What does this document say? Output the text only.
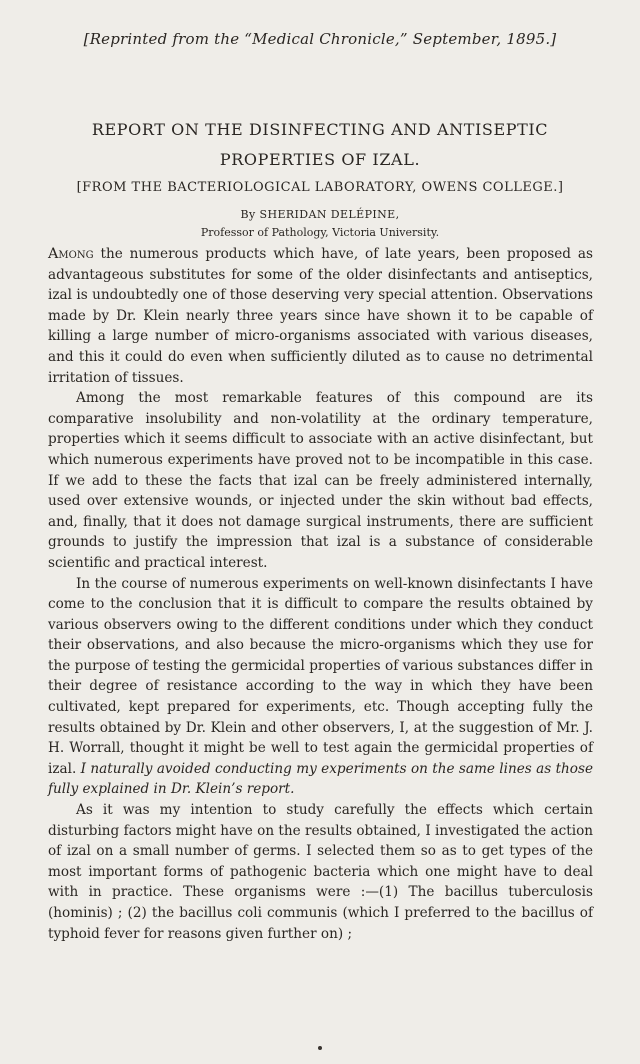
[Reprinted from the “Medical Chronicle,” September, 1895.]
REPORT ON THE DISINFECTING AND ANTISEPTIC
PROPERTIES OF IZAL.
[FROM THE BACTERIOLOGICAL LABORATORY, OWENS COLLEGE.]
By SHERIDAN DELÉPINE,
Professor of Pathology, Victoria University.

Among the numerous products which have, of late years, been proposed as advantageous substitutes for some of the older disinfectants and antiseptics, izal is undoubtedly one of those deserving very special attention. Observations made by Dr. Klein nearly three years since have shown it to be capable of killing a large number of micro-organisms associated with various diseases, and this it could do even when sufficiently diluted as to cause no detrimental irritation of tissues.

Among the most remarkable features of this compound are its comparative insolubility and non-volatility at the ordinary temperature, properties which it seems difficult to associate with an active disinfectant, but which numerous experiments have proved not to be incompatible in this case. If we add to these the facts that izal can be freely administered internally, used over extensive wounds, or injected under the skin without bad effects, and, finally, that it does not damage surgical instruments, there are sufficient grounds to justify the impression that izal is a substance of considerable scientific and practical interest.

In the course of numerous experiments on well-known disinfectants I have come to the conclusion that it is difficult to compare the results obtained by various observers owing to the different conditions under which they conduct their observations, and also because the micro-organisms which they use for the purpose of testing the germicidal properties of various substances differ in their degree of resistance according to the way in which they have been cultivated, kept prepared for experiments, etc. Though accepting fully the results obtained by Dr. Klein and other observers, I, at the suggestion of Mr. J. H. Worrall, thought it might be well to test again the germicidal properties of izal. I naturally avoided conducting my experiments on the same lines as those fully explained in Dr. Klein’s report.

As it was my intention to study carefully the effects which certain disturbing factors might have on the results obtained, I investigated the action of izal on a small number of germs. I selected them so as to get types of the most important forms of pathogenic bacteria which one might have to deal with in practice. These organisms were :—(1) The bacillus tuberculosis (hominis) ; (2) the bacillus coli communis (which I preferred to the bacillus of typhoid fever for reasons given further on) ;
